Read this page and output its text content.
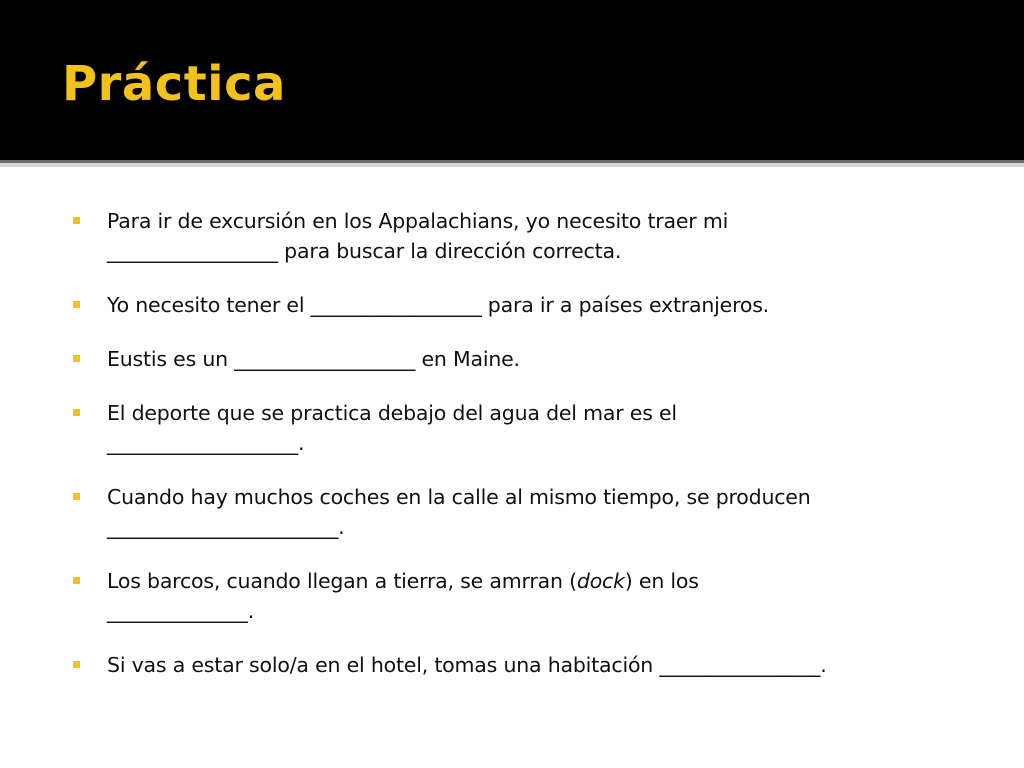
Práctica
Para ir de excursión en los Appalachians, yo necesito traer mi
_________________ para buscar la dirección correcta.
Yo necesito tener el _________________ para ir a países extranjeros.
Eustis es un __________________ en Maine.
El deporte que se practica debajo del agua del mar es el
___________________.
Cuando hay muchos coches en la calle al mismo tiempo, se producen
_______________________.
Los barcos, cuando llegan a tierra, se amrran (dock) en los
______________.
Si vas a estar solo/a en el hotel, tomas una habitación ________________.
